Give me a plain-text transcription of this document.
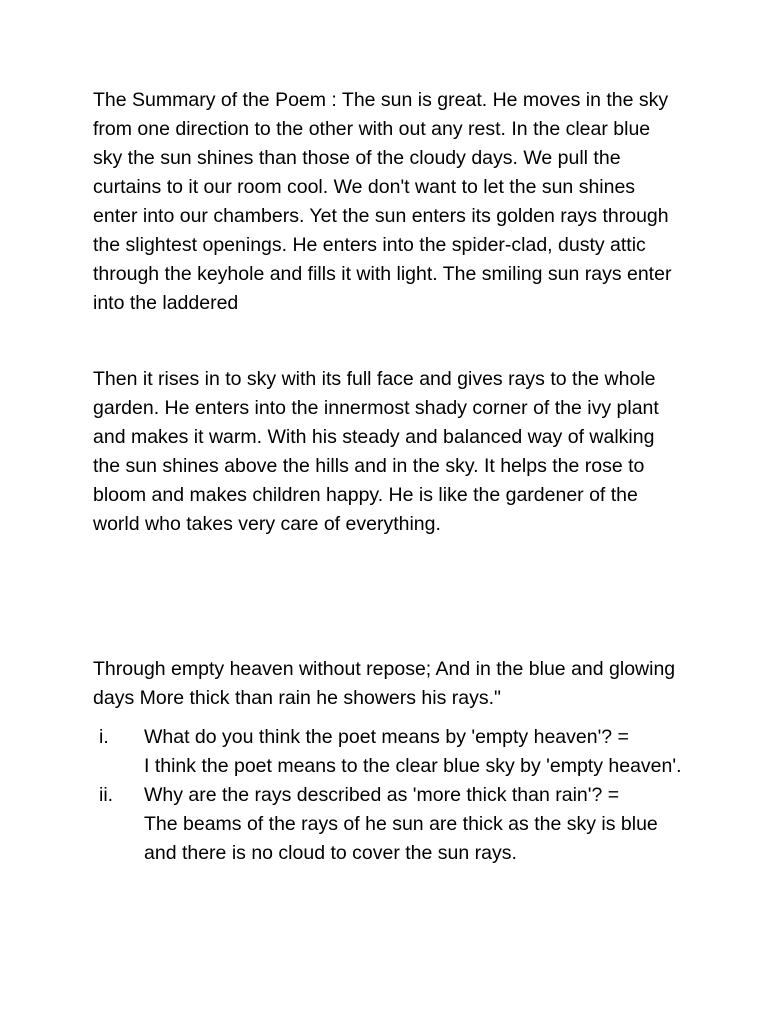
The Summary of the Poem : The sun is great. He moves in the sky from one direction to the other with out any rest. In the clear blue sky the sun shines than those of the cloudy days. We pull the curtains to it our room cool. We don't want to let the sun shines enter into our chambers. Yet the sun enters its golden rays through the slightest openings. He enters into the spider-clad, dusty attic through the keyhole and fills it with light. The smiling sun rays enter into the laddered

Then it rises in to sky with its full face and gives rays to the whole garden. He enters into the innermost shady corner of the ivy plant and makes it warm. With his steady and balanced way of walking the sun shines above the hills and in the sky. It helps the rose to bloom and makes children happy. He is like the gardener of the world who takes very care of everything.

Through empty heaven without repose; And in the blue and glowing days More thick than rain he showers his rays."

i.	What do you think the poet means by 'empty heaven'? =
I think the poet means to the clear blue sky by 'empty heaven'.
ii.	Why are the rays described as 'more thick than rain'? =
The beams of the rays of he sun are thick as the sky is blue and there is no cloud to cover the sun rays.
